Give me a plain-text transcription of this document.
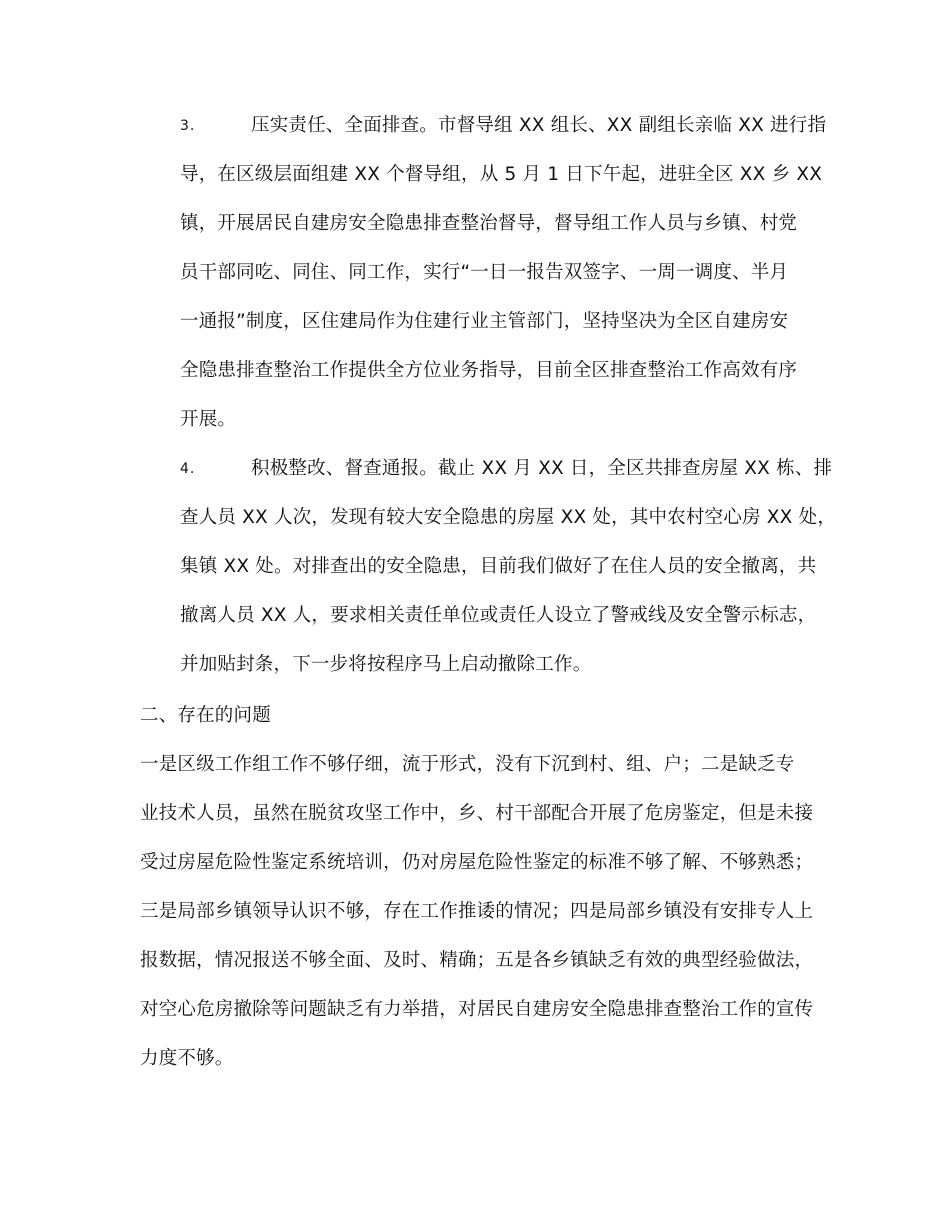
3.	压实责任、全面排查。市督导组 XX 组长、XX 副组长亲临 XX 进行指
导，在区级层面组建 XX 个督导组，从 5 月 1 日下午起，进驻全区 XX 乡 XX
镇，开展居民自建房安全隐患排查整治督导，督导组工作人员与乡镇、村党
员干部同吃、同住、同工作，实行“一日一报告双签字、一周一调度、半月
一通报”制度，区住建局作为住建行业主管部门，坚持坚决为全区自建房安
全隐患排查整治工作提供全方位业务指导，目前全区排查整治工作高效有序
开展。
4.	积极整改、督查通报。截止 XX 月 XX 日，全区共排查房屋 XX 栋、排
查人员 XX 人次，发现有较大安全隐患的房屋 XX 处，其中农村空心房 XX 处，
集镇 XX 处。对排查出的安全隐患，目前我们做好了在住人员的安全撤离，共
撤离人员 XX 人，要求相关责任单位或责任人设立了警戒线及安全警示标志，
并加贴封条，下一步将按程序马上启动撤除工作。
二、存在的问题
一是区级工作组工作不够仔细，流于形式，没有下沉到村、组、户；二是缺乏专
业技术人员，虽然在脱贫攻坚工作中，乡、村干部配合开展了危房鉴定，但是未接
受过房屋危险性鉴定系统培训，仍对房屋危险性鉴定的标准不够了解、不够熟悉；
三是局部乡镇领导认识不够，存在工作推诿的情况；四是局部乡镇没有安排专人上
报数据，情况报送不够全面、及时、精确；五是各乡镇缺乏有效的典型经验做法，
对空心危房撤除等问题缺乏有力举措，对居民自建房安全隐患排查整治工作的宣传
力度不够。
